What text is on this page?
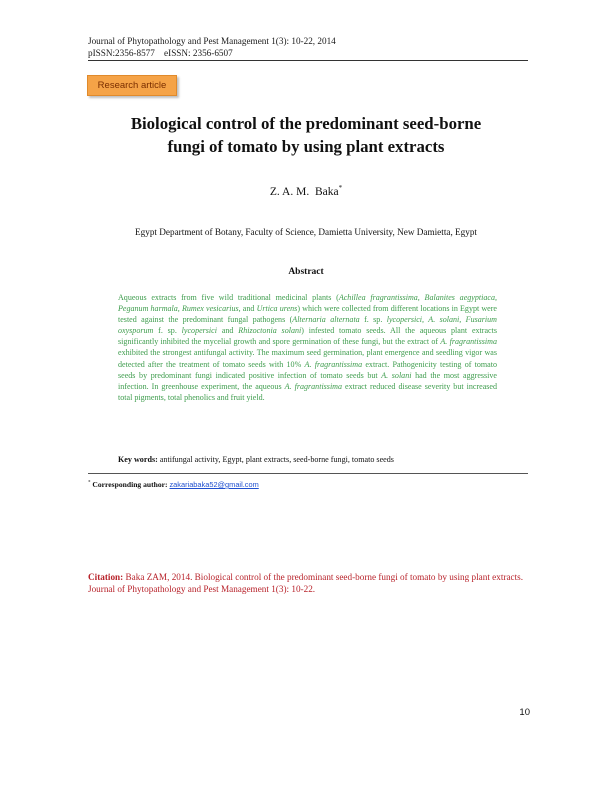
Journal of Phytopathology and Pest Management 1(3): 10-22, 2014
pISSN:2356-8577    eISSN: 2356-6507
Research article
Biological control of the predominant seed-borne
fungi of tomato by using plant extracts
Z. A. M.  Baka*
Egypt Department of Botany, Faculty of Science, Damietta University, New Damietta, Egypt
Abstract
Aqueous extracts from five wild traditional medicinal plants (Achillea fragrantissima, Balanites aegyptiaca, Peganum harmala, Rumex vesicarius, and Urtica urens) which were collected from different locations in Egypt were tested against the predominant fungal pathogens (Alternaria alternata f. sp. lycopersici, A. solani, Fusarium oxysporum f. sp. lycopersici and Rhizoctonia solani) infested tomato seeds. All the aqueous plant extracts significantly inhibited the mycelial growth and spore germination of these fungi, but the extract of A. fragrantissima exhibited the strongest antifungal activity. The maximum seed germination, plant emergence and seedling vigor was detected after the treatment of tomato seeds with 10% A. fragrantissima extract. Pathogenicity testing of tomato seeds by predominant fungi indicated positive infection of tomato seeds but A. solani had the most aggressive infection. In greenhouse experiment, the aqueous A. fragrantissima extract reduced disease severity but increased total pigments, total phenolics and fruit yield.
Key words: antifungal activity, Egypt, plant extracts, seed-borne fungi, tomato seeds
* Corresponding author: zakariabaka52@gmail.com
Citation: Baka ZAM, 2014. Biological control of the predominant seed-borne fungi of tomato by using plant extracts. Journal of Phytopathology and Pest Management 1(3): 10-22.
10
